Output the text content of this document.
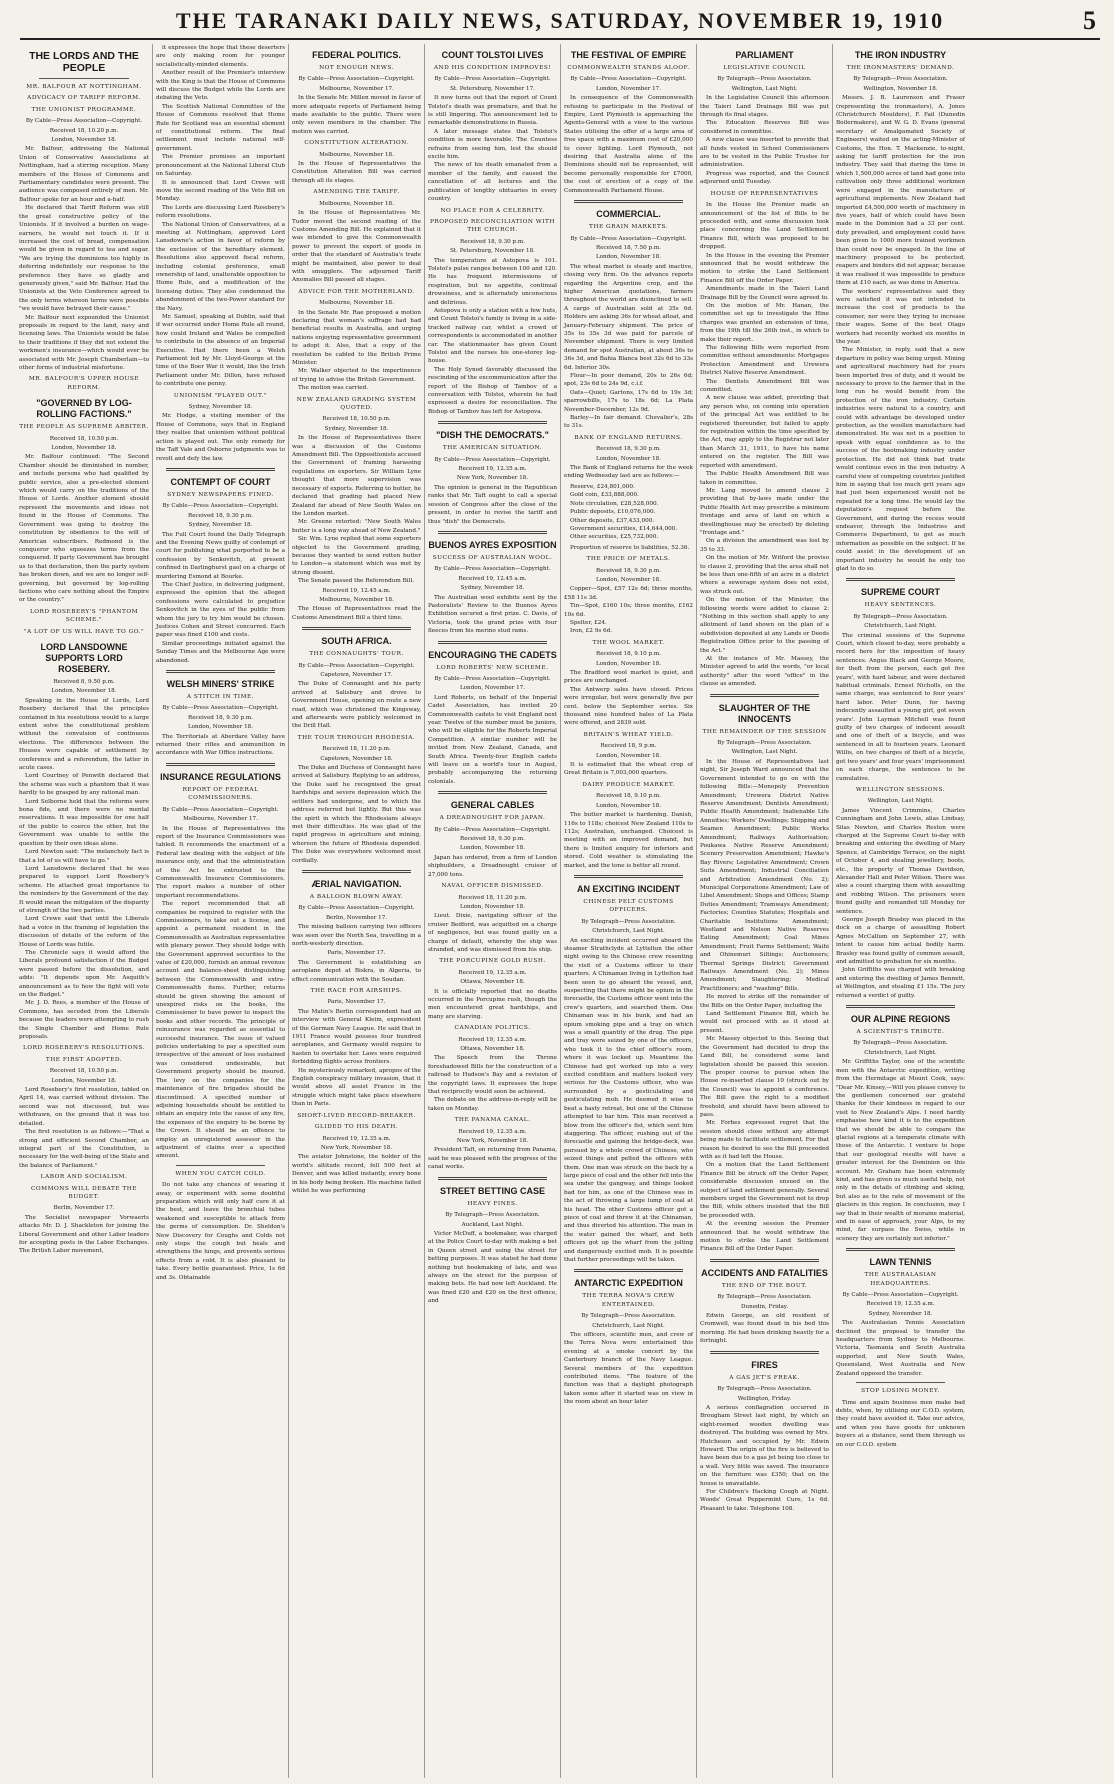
THE TARANAKI DAILY NEWS, SATURDAY, NOVEMBER 19, 1910	5
THE LORDS AND THE PEOPLE
MR. BALFOUR AT NOTTINGHAM.
ADVOCACY OF TARIFF REFORM.
THE UNIONIST PROGRAMME.
By Cable—Press Association—Copyright.
Received 18, 10.20 p.m.
London, November 18.

Mr. Balfour, addressing the National Union of Conservative Associations at Nottingham, had a stirring reception. Many members of the House of Commons and Parliamentary candidates were present. The audience was composed entirely of men. Mr. Balfour spoke for an hour and a-half.

He declared that Tariff Reform was still the great constructive policy of the Unionists. If it involved a burden on wage-earners, he would not touch it. If it increased the cost of bread, compensation would be given in regard to tea and sugar. "We are trying the dominions too highly in deferring indefinitely our response to the preference they have so gladly and generously given," said Mr. Balfour. Had the Unionists at the Veto Conference agreed to the only terms whereon terms were possible "we would have betrayed their cause."

Mr. Balfour next expounded the Unionist proposals in regard to the land, navy and licensing laws. The Unionists would be false to their traditions if they did not extend the workmen's insurance—which would ever be associated with Mr. Joseph Chamberlain—to other forms of industrial misfortune.

MR. BALFOUR'S UPPER HOUSE REFORM.
"GOVERNED BY LOG-ROLLING FACTIONS."
THE PEOPLE AS SUPREME ARBITER.
Received 18, 10.50 p.m.
London, November 18.

Mr. Balfour continued: "The Second Chamber should be diminished in number, and include persons who had qualified by public service, also a pre-elected element which would carry on the traditions of the House of Lords. Another element should represent the movements and ideas not found in the House of Commons. The Government was going to destroy the constitution by obedience to the will of American subscribers. Redmond is the conqueror who squeezes terms from the conquered. If party Government has brought us to that declaration, then the party system has broken down, and we are no longer self-governing, but governed by log-rolling factions who care nothing about the Empire or the country."

LORD ROSEBERY'S "PHANTOM SCHEME."
"A LOT OF US WILL HAVE TO GO."
LORD LANSDOWNE SUPPORTS LORD ROSEBERY.
Received 8, 9.50 p.m.
London, November 18.

Speaking in the House of Lords, Lord Rosebery declared that the principles contained in his resolutions would to a large extent solve the constitutional problem without the convulsion of continuous elections. The differences between the Houses were capable of settlement by conference and a referendum, the latter in acute cases.

Lord Courtney of Penwith declared that the scheme was such a phantom that it was hardly to be grasped by any rational man.

Lord Selborne held that the reforms were bona fide, and there were no mental reservations. It was impossible for one half of the public to coerce the other, but the Government was unable to settle the question by their own ideas alone.

Lord Newton said: "The melancholy fact is that a lot of us will have to go."

Lord Lansdowne declared that he was prepared to support Lord Rosebery's scheme. He attached great importance to the reminders by the Government of the day. It would mean the mitigation of the disparity of strength of the two parties.

Lord Crewe said that until the Liberals had a voice in the framing of legislation the discussion of details of the reform of the House of Lords was futile.

The Chronicle says it would afford the Liberals profound satisfaction if the Budget were passed before the dissolution, and adds: "It depends upon Mr. Asquith's announcement as to how the fight will vote on the Budget."

Mr. J. D. Rees, a member of the House of Commons, has seceded from the Liberals because the leaders were attempting to rush the Single Chamber and Home Rule proposals.

LORD ROSEBERY'S RESOLUTIONS.
THE FIRST ADOPTED.
Received 18, 10.50 p.m.
London, November 18.

Lord Rosebery's first resolution, tabled on April 14, was carried without division. The second was not discussed, but was withdrawn, on the ground that it was too detailed.

The first resolution is as follows:—"That a strong and efficient Second Chamber, an integral part of the Constitution, is necessary for the well-being of the State and the balance of Parliament."

LABOR AND SOCIALISM.
COMMONS WILL DEBATE THE BUDGET.
Berlin, November 17.

The Socialist newspaper Vorwaerts attacks Mr. D. J. Shackleton for joining the Liberal Government and other Labor leaders for accepting posts in the Labor Exchanges. The British Labor movement,

it expresses the hope that these deserters are only making room for younger socialistically-minded elements.

Another result of the Premier's interview with the King is that the House of Commons will discuss the Budget while the Lords are debating the Veto.

The Scottish National Committee of the House of Commons resolved that Home Rule for Scotland was an essential element of constitutional reform. The final settlement must include national self-government.

The Premier promises an important pronouncement at the National Liberal Club on Saturday.

It is announced that Lord Crewe will move the second reading of the Veto Bill on Monday.

The Lords are discussing Lord Rosebery's reform resolutions.

The National Union of Conservatives, at a meeting at Nottingham, approved Lord Lansdowne's action in favor of reform by the exclusion of the hereditary element. Resolutions also approved fiscal reform, including colonial preference, small ownership of land, unalterable opposition to Home Rule, and a modification of the licensing duties. They also condemned the abandonment of the two-Power standard for the Navy.

Mr. Samuel, speaking at Dublin, said that if war occurred under Home Rule all round, how could Ireland and Wales be compelled to contribute in the absence of an Imperial Executive. Had there been a Welsh Parliament led by Mr. Lloyd-George at the time of the Boer War it would, like the Irish Parliament under Mr. Dillon, have refused to contribute one penny.

UNIONISM "PLAYED OUT."
Sydney, November 18.

Mr. Hodge, a visiting member of the House of Commons, says that in England they realise that unionism without political action is played out. The only remedy for the Taff Vale and Osborne judgments was to revolt and defy the law.

CONTEMPT OF COURT
SYDNEY NEWSPAPERS FINED.
By Cable—Press Association—Copyright.
Received 18, 9.30 p.m.
Sydney, November 18.

The Full Court found the Daily Telegraph and the Evening News guilty of contempt of court for publishing what purported to be a confession by Senkovitch, at present confined in Darlinghurst gaol on a charge of murdering Esmond at Bourke.

The Chief Justice, in delivering judgment, expressed the opinion that the alleged confessions were calculated to prejudice Senkovitch in the eyes of the public from whom the jury to try him would be chosen. Justices Cohen and Street concurred. Each paper was fined £100 and costs.

Similar proceedings initiated against the Sunday Times and the Melbourne Age were abandoned.

WELSH MINERS' STRIKE
A STITCH IN TIME.
By Cable—Press Association—Copyright.
Received 18, 9.30 p.m.
London, November 18.

The Territorials at Aberdare Valley have returned their rifles and ammunition in accordance with War Office instructions.

INSURANCE REGULATIONS
REPORT OF FEDERAL COMMISSIONERS.
By Cable—Press Association—Copyright.
Melbourne, November 17.

In the House of Representatives the report of the Insurance Commissioners was tabled. It recommends the enactment of a Federal law dealing with the subject of life insurance only, and that the administration of the Act be entrusted to the Commonwealth Insurance Commissioners. The report makes a number of other important recommendations.

The report recommended that all companies be required to register with the Commissioners, to take out a license, and appoint a permanent resident in the Commonwealth as Australian representative with plenary power. They should lodge with the Government approved securities to the value of £20,000, furnish an annual revenue account and balance-sheet distinguishing between the Commonwealth and extra-Commonwealth items. Further, returns should be given showing the amount of unexpired risks on the books, the Commissioner to have power to inspect the books and other records. The principle of reinsurance was regarded as essential to successful insurance. The issue of valued policies undertaking to pay a specified sum irrespective of the amount of loss sustained was considered undesirable, but Government property should be insured. The levy on the companies for the maintenance of fire brigades should be discontinued. A specified number of adjoining households should be entitled to obtain an enquiry into the cause of any fire, the expenses of the enquiry to be borne by the Crown. It should be an offence to employ an unregistered assessor in the adjustment of claims over a specified amount.

WHEN YOU CATCH COLD.

Do not take any chances of wearing it away, or experiment with some doubtful preparation which will only half cure it at the best, and leave the bronchial tubes weakened and susceptible to attack from the germs of consumption. Dr. Sheldon's New Discovery for Coughs and Colds not only stops the cough but heals and strengthens the lungs, and prevents serious effects from a cold. It is also pleasant to take. Every bottle guaranteed. Price, 1s 6d and 3s. Obtainable

FEDERAL POLITICS.
NOT ENOUGH NEWS.
By Cable—Press Association—Copyright.
Melbourne, November 17.

In the Senate Mr. Millen moved in favor of more adequate reports of Parliament being made available to the public. There were only seven members in the chamber. The motion was carried.

CONSTITUTION ALTERATION.
Melbourne, November 18.

In the House of Representatives the Constitution Alteration Bill was carried through all its stages.

AMENDING THE TARIFF.
Melbourne, November 18.

In the House of Representatives Mr. Tudor moved the second reading of the Customs Amending Bill. He explained that it was intended to give the Commonwealth power to prevent the export of goods in order that the standard of Australia's trade might be maintained, also power to deal with smugglers. The adjourned Tariff Anomalies Bill passed all stages.

ADVICE FOR THE MOTHERLAND.
Melbourne, November 18.

In the Senate Mr. Rae proposed a motion declaring that woman's suffrage had had beneficial results in Australia, and urging nations enjoying representative government to adopt it. Also, that a copy of the resolution be cabled to the British Prime Minister.

Mr. Walker objected to the impertinence of trying to advise the British Government.

The motion was carried.

NEW ZEALAND GRADING SYSTEM QUOTED.
Received 18, 10.50 p.m.
Sydney, November 18.

In the House of Representatives there was a discussion of the Customs Amendment Bill. The Oppositionists accused the Government of framing harassing regulations on exporters. Sir William Lyne thought that more supervision was necessary of exports. Referring to butter, he declared that grading had placed New Zealand far ahead of New South Wales on the London market.

Mr. Greene retorted: "New South Wales butter is a long way ahead of New Zealand."

Sir. Wm. Lyne replied that some exporters objected to the Government grading, because they wanted to send rotten butter to London—a statement which was met by strong dissent.

The Senate passed the Referendum Bill.

Received 19, 12.45 a.m.
Melbourne, November 18.

The House of Representatives read the Customs Amendment Bill a third time.

SOUTH AFRICA.
THE CONNAUGHTS' TOUR.
By Cable—Press Association—Copyright.
Capetown, November 17.

The Duke of Connaught and his party arrived at Salisbury and drove to Government House, opening en route a new road, which was christened the Kingsway, and afterwards were publicly welcomed in the Drill Hall.

THE TOUR THROUGH RHODESIA.
Received 18, 11.20 p.m.
Capetown, November 18.

The Duke and Duchess of Connaught have arrived at Salisbury. Replying to an address, the Duke said he recognised the great hardships and severe depression which the settlers had undergone, and to which the address referred but lightly. But this was the spirit in which the Rhodesians always met their difficulties. He was glad of the rapid progress in agriculture and mining, whereon the future of Rhodesia depended. The Duke was everywhere welcomed most cordially.

ÆRIAL NAVIGATION.
A BALLOON BLOWN AWAY.
By Cable—Press Association—Copyright.
Berlin, November 17.

The missing balloon carrying two officers was seen over the North Sea, travelling in a north-westerly direction.

Paris, November 17.

The Government is establishing an aeroplane depot at Biskra, in Algeria, to effect communication with the Soudan.

THE RACE FOR AIRSHIPS.
Paris, November 17.

The Matin's Berlin correspondent had an interview with General Kleim, expresident of the German Navy League. He said that in 1911 France would possess four hundred aeroplanes, and Germany would require to hasten to overtake her. Laws were required forbidding flights across frontiers.

He mysteriously remarked, apropos of the English conspiracy military invasion, that it would above all assist France in the struggle which might take place elsewhere than in Paris.

SHORT-LIVED RECORD-BREAKER.
GLIDED TO HIS DEATH.
Received 19, 12.35 a.m.
New York, November 18.

The aviator Johnstone, the holder of the world's altitude record, fell 500 feet at Denver, and was killed instantly, every bone in his body being broken. His machine failed whilst he was performing

COUNT TOLSTOI LIVES
AND HIS CONDITION IMPROVES!
By Cable—Press Association—Copyright.
St. Petersburg, November 17.

It now turns out that the report of Count Tolstoi's death was premature, and that he is still lingering. The announcement led to remarkable demonstrations in Russia.

A later message states that Tolstoi's condition is more favorable. The Countess refrains from seeing him, lest the should excite him.

The news of his death emanated from a member of the family, and caused the cancellation of all lectures and the publication of lengthy obituaries in every country.

NO PLACE FOR A CELEBRITY.
PROPOSED RECONCILIATION WITH THE CHURCH.
Received 18, 9.30 p.m.
St. Petersburg, November 18.

The temperature at Astopova is 101. Tolstoi's pulse ranges between 100 and 120. He has frequent intermissions of respiration, but no appetite, continual drowsiness, and is alternately unconscious and delirious.

Astopova is only a station with a few huts, and Count Tolstoi's family is living in a side-tracked railway car, whilst a crowd of correspondents is accommodated in another car. The stationmaster has given Count Tolstoi and the nurses his one-storey log-house.

The Holy Synod favorably discussed the rescinding of the excommunication after the report of the Bishop of Tambov of a conversation with Tolstoi, wherein he had expressed a desire for reconciliation. The Bishop of Tambov has left for Astopova.

"DISH THE DEMOCRATS."
THE AMERICAN SITUATION.
By Cable—Press Association—Copyright.
Received 19, 12.35 a.m.
New York, November 18.

The opinion is general in the Republican ranks that Mr. Taft ought to call a special session of Congress after the close of the present, in order to revise the tariff and thus "dish" the Democrats.

BUENOS AYRES EXPOSITION
SUCCESS OF AUSTRALIAN WOOL.
By Cable—Press Association—Copyright.
Received 19, 12.45 a.m.
Sydney, November 18.

The Australian wool exhibits sent by the Pastoralists' Review to the Buenos Ayres Exhibition secured a first prize. C. Davis, of Victoria, took the grand prize with four fleeces from his merino stud rams.

ENCOURAGING THE CADETS
LORD ROBERTS' NEW SCHEME.
By Cable—Press Association—Copyright.
London, November 17.

Lord Roberts, on behalf of the Imperial Cadet Association, has invited 20 Commonwealth cadets to visit England next year. Twelve of the number must be juniors, who will be eligible for the Roberts Imperial Competition. A similar number will be invited from New Zealand, Canada, and South Africa. Twenty-four English cadets will leave on a world's tour in August, probably accompanying the returning colonials.

GENERAL CABLES
A DREADNOUGHT FOR JAPAN.
By Cable—Press Association—Copyright.
Received 18, 9.30 p.m.
London, November 18.

Japan has ordered, from a firm of London shipbuilders, a Dreadnought cruiser of 27,000 tons.

NAVAL OFFICER DISMISSED.
Received 18, 11.20 p.m.
London, November 18.

Lieut. Dixie, navigating officer of the cruiser Bedford, was acquitted on a charge of negligence, but was found guilty on a charge of default, whereby the ship was stranded, and was dismissed from his ship.

THE PORCUPINE GOLD RUSH.
Received 19, 12.35 a.m.
Ottawa, November 18.

It is officially reported that no deaths occurred in the Porcupine rush, though the men encountered great hardships, and many are starving.

CANADIAN POLITICS.
Received 19, 12.35 a.m.
Ottawa, November 18.

The Speech from the Throne foreshadowed Bills for the construction of a railroad to Hudson's Bay and a revision of the copyright laws. It expresses the hope that reciprocity would soon be achieved.

The debate on the address-in-reply will be taken on Monday.

THE PANAMA CANAL.
Received 19, 12.35 a.m.
New York, November 18.

President Taft, on returning from Panama, said he was pleased with the progress of the canal works.

STREET BETTING CASE
HEAVY FINES.
By Telegraph—Press Association.
Auckland, Last Night.

Victor McDuff, a bookmaker, was charged at the Police Court to-day with making a bet in Queen street and using the street for betting purposes. It was stated he had done nothing but bookmaking of late, and was always on the street for the purpose of making bets. He had now left Auckland. He was fined £20 and £20 on the first offence, and

THE FESTIVAL OF EMPIRE
COMMONWEALTH STANDS ALOOF.
By Cable—Press Association—Copyright.
London, November 17.

In consequence of the Commonwealth refusing to participate in the Festival of Empire, Lord Plymouth is approaching the Agents-General with a view to the various States utilising the offer of a large area of free space with a maximum cost of £20,000 to cover lighting. Lord Plymouth, not desiring that Australia alone of the Dominions should not be represented, will become personally responsible for £7000, the cost of erection of a copy of the Commonwealth Parliament House.

COMMERCIAL.
THE GRAIN MARKETS.
By Cable—Press Association—Copyright.
Received 18, 7.50 p.m.
London, November 18.

The wheat market is steady and inactive, closing very firm. On the advance reports regarding the Argentine crop, and the higher American quotations, farmers throughout the world are disinclined to sell. A cargo of Australian sold at 35s 6d. Holders are asking 36s for wheat afloat, and January-February shipment. The price of 35s to 35s 3d was paid for parcels of November shipment. There is very limited demand for spot Australian, at about 36s to 36s 3d, and Bahia Blanca best 32s 6d to 33s 6d. Inferior 30s.

Flour—In poor demand, 20s to 26s 6d; spot, 23s 6d to 24s 9d, c.i.f.

Oats—Quiet; Gartons, 17s 6d to 19s 3d; sparrowbills, 17s to 18s 6d; La Plata November-December, 12s 9d.

Barley—In fair demand. Chevalier's, 28s to 31s.

BANK OF ENGLAND RETURNS.
Received 18, 9.30 p.m.
London, November 18.

The Bank of England returns for the week ending Wednesday last are as follows:—

Reserve, £24,801,000.
Gold coin, £33,888,000.
Note circulation, £28,528,000.
Public deposits, £10,076,000.
Other deposits, £37,433,000.
Government securities, £14,644,000.
Other securities, £25,732,000.

Proportion of reserve to liabilities, 52.36.

THE PRICE OF METALS.
Received 18, 9.30 p.m.
London, November 18.

Copper—Spot, £57 12s 6d; three months, £58 11s 3d.

Tin—Spot, £160 10s; three months, £162 10s 6d.

Spelter, £24.

Iron, £2 9s 6d.

THE WOOL MARKET.
Received 18, 9.10 p.m.
London, November 18.

The Bradford wool market is quiet, and prices are unchanged.

The Antwerp sales have closed. Prices were irregular, but were generally five per cent. below the September series. Six thousand nine hundred bales of La Plata were offered, and 2839 sold.

BRITAIN'S WHEAT YIELD.
Received 18, 9 p.m.
London, November 18.

It is estimated that the wheat crop of Great Britain is 7,003,000 quarters.

DAIRY PRODUCE MARKET.
Received 18, 9.10 p.m.
London, November 18.

The butter market is hardening. Danish, 116s to 118s; choicest New Zealand 110s to 112s; Australian, unchanged. Choicest is meeting with an improved demand, but there is limited enquiry for inferiors and stored. Cold weather is stimulating the market, and the tone is better all round.

AN EXCITING INCIDENT
CHINESE PELT CUSTOMS OFFICERS.
By Telegraph—Press Association.
Christchurch, Last Night.

An exciting incident occurred aboard the steamer Strathclyde at Lyttelton the other night owing to the Chinese crew resenting the visit of a Customs officer to their quarters. A Chinaman living in Lyttelton had been seen to go aboard the vessel, and, suspecting that there might be opium in the forecastle, the Customs officer went into the crew's quarters, and searched them. One Chinaman was in his bunk, and had an opium smoking pipe and a tray on which was a small quantity of the drug. The pipe and tray were seized by one of the officers, who took it to the chief officer's room, where it was locked up. Meantime the Chinese had got worked up into a very excited condition and matters looked very serious for the Customs officer, who was surrounded by a gesticulating and gesticulating mob. He deemed it wise to beat a hasty retreat, but one of the Chinese attempted to bar him. This man received a blow from the officer's fist, which sent him staggering. The officer, rushing out of the forecastle and gaining the bridge-deck, was pursued by a whole crowd of Chinese, who seized things and pelted the officers with them. One man was struck on the back by a large piece of coal and the other fell into the sea under the gangway, and things looked bad for him, as one of the Chinese was in the act of throwing a large lump of coal at his head. The other Customs officer got a piece of coal and threw it at the Chinaman, and thus diverted his attention. The man in the water gained the wharf, and both officers got up the wharf from the jolting and dangerously excited mob. It is possible that further proceedings will be taken.

ANTARCTIC EXPEDITION
THE TERRA NOVA'S CREW ENTERTAINED.
By Telegraph—Press Association.
Christchurch, Last Night.

The officers, scientific men, and crew of the Terra Nova were entertained this evening at a smoke concert by the Canterbury branch of the Navy League. Several members of the expedition contributed items. "The feature of the function was that a daylight photograph taken some after it started was on view in the room about an hour later

PARLIAMENT
LEGISLATIVE COUNCIL
By Telegraph—Press Association.
Wellington, Last Night.

In the Legislative Council this afternoon the Taieri Land Drainage Bill was put through its final stages.

The Education Reserves Bill was considered in committee.

A new clause was inserted to provide that all funds vested in School Commissioners are to be vested in the Public Trustee for administration.

Progress was reported, and the Council adjourned until Tuesday.

HOUSE OF REPRESENTATIVES

In the House the Premier made an announcement of the list of Bills to be proceeded with, and some discussion took place concerning the Land Settlement Finance Bill, which was proposed to be dropped.

In the House in the evening the Premier announced that he would withdraw the motion to strike the Land Settlement Finance Bill off the Order Paper.

Amendments made in the Taieri Land Drainage Bill by the Council were agreed to.

On the motion of Mr. Hanan, the committee set up to investigate the Hine charges was granted an extension of time, from the 19th till the 26th inst., in which to make their report.

The following Bills were reported from committee without amendments: Mortgages Protection Amendment and Urewera District Native Reserve Amendment.

The Dentists Amendment Bill was committed.

A new clause was added, providing that any person who, on coming into operation of the principal Act was entitled to be registered thereunder, but failed to apply for registration within the time specified by the Act, may apply to the Registrar not later than March 31, 1911, to have his name entered on the register. The Bill was reported with amendment.

The Public Health Amendment Bill was taken in committee.

Mr. Lang moved to amend clause 2 providing that by-laws made under the Public Health Act may prescribe a minimum frontage and area of land on which a dwellinghouse may be erected) by deleting "frontage and."

On a division the amendment was lost by 35 to 33.

On the motion of Mr. Witford the proviso to clause 2, providing that the area shall not be less than one-fifth of an acre in a district where a sewerage system does not exist, was struck out.

On the motion of the Minister, the following words were added to clause 2: "Nothing in this section shall apply to any allotment of land shown on the plan of a subdivision deposited at any Lands or Deeds Registration Office prior to the passing of the Act."

At the instance of Mr. Massey, the Minister agreed to add the words, "or local authority" after the word "office" in the clause as amended.

SLAUGHTER OF THE INNOCENTS
THE REMAINDER OF THE SESSION
By Telegraph—Press Association.
Wellington, Last Night.

In the House of Representatives last night, Sir Joseph Ward announced that the Government intended to go on with the following Bills:—Monopoly Prevention Amendment; Urewera District Native Reserve Amendment; Dentists Amendment; Public Health Amendment; Inalienable Life Annuities; Workers' Dwellings; Shipping and Seamen Amendment; Public Works Amendment; Railways Authorisation; Poukawa Native Reserve Amendment; Scenery Preservation Amendment; Hawke's Bay Rivers; Legislative Amendment; Crown Suits Amendment; Industrial Conciliation and Arbitration Amendment (No. 2); Municipal Corporations Amendment; Law of Libel Amendment; Shops and Offices; Stamp Duties Amendment; Tramways Amendment; Factories; Counties Statutes; Hospitals and Charitable Institutions Amendment; Westland and Nelson Native Reserves Eating Amendment; Coal Mines Amendment; Fruit Farms Settlement; Waihi and Ohinemuri Siltings; Auctioneers; Thermal Springs District; Government Railways Amendment (No. 2); Mines Amendment; Slaughtering; Medical Practitioners; and "washing" Bills.

He moved to strike off the remainder of the Bills on the Order Paper, including the

Land Settlement Finance Bill, which he would not proceed with as it stood at present.

Mr. Massey objected to this. Seeing that the Government had decided to drop the Land Bill, he considered some land legislation should be passed this session. The proper course to pursue when the House re-inserted clause 10 (struck out by the Council) was to appoint a conference. The Bill gave the right to a modified freehold, and should have been allowed to pass.

Mr. Forbes expressed regret that the session should close without any attempt being made to facilitate settlement. For that reason he desired to see the Bill proceeded with as it had left the House.

On a motion that the Land Settlement Finance Bill be struck off the Order Paper, considerable discussion ensued on the subject of land settlement generally. Several members urged the Government not to drop the Bill, while others insisted that the Bill be proceeded with.

At the evening session the Premier announced that he would withdraw the motion to strike the Land Settlement Finance Bill off the Order Paper.

ACCIDENTS AND FATALITIES
THE END OF THE BOUT.
By Telegraph—Press Association.
Dunedin, Friday.

Edwin George, an old resident of Cromwell, was found dead in his bed this morning. He had been drinking heavily for a fortnight.

FIRES
A GAS JET'S FREAK.
By Telegraph—Press Association.
Wellington, Friday.

A serious conflagration occurred in Brougham Street last night, by which an eight-roomed wooden dwelling was destroyed. The building was owned by Mrs. Hutcheson and occupied by Mr. Edwin Howard. The origin of the fire is believed to have been due to a gas jet being too close to a wall. Very little was saved. The insurance on the furniture was £350; that on the house is unavailable.

For Children's Hacking Cough at Night. Woods' Great Peppermint Cure, 1s 6d. Pleasant to take. Telephone 108.

THE IRON INDUSTRY
THE IRONMASTERS' DEMAND.
By Telegraph—Press Association.
Wellington, November 18.

Messrs. J. B. Laurenson and Fraser (representing the ironmasters), A. Jones (Christchurch Moulders), F. Fail (Dunedin Boilermakers), and W. G. D. Evans (general secretary of Amalgamated Society of Engineers) waited on the acting-Minister of Customs, the Hon. T. Mackenzie, to-night, asking for tariff protection for the iron industry. They said that during the time in which 1,500,000 acres of land had gone into cultivation only three additional workmen were engaged in the manufacture of agricultural implements. New Zealand had imported £4,500,000 worth of machinery in five years, half of which could have been made in the Dominion had a 33 per cent. duty prevailed, and employment could have been given to 1000 more trained workmen than could now be engaged. In the line of machinery proposed to be protected, reapers and binders did not appear, because it was realised it was impossible to produce them at £10 each, as was done in America.

The workers' representatives said they were satisfied it was not intended to increase the cost of products to the consumer, nor were they trying to increase their wages. Some of the best Otago workers had recently worked six months in the year.

The Minister, in reply, said that a new departure in policy was being urged. Mining and agricultural machinery had for years been imported free of duty, and it would be necessary to prove to the farmer that in the long run he would benefit from the protection of the iron industry. Certain industries were natural to a country, and could with advantage be developed under protection, as the woollen manufacture had demonstrated. He was not in a position to speak with equal confidence as to the success of the bootmaking industry under protection. He did not think bad trade would continue even in the iron industry. A careful view of competing countries justified him in saying that too much grit years ago had just been experienced would not be repeated for a long time. He would lay the deputation's request before the Government, and during the recess would endeavor, through the Industries and Commerce Department, to get as much information as possible on the subject. If he could assist in the development of an important industry he would be only too glad to do so.

SUPREME COURT
HEAVY SENTENCES.
By Telegraph—Press Association.
Christchurch, Last Night.

The criminal sessions of the Supreme Court, which closed to-day, were probably a record here for the imposition of heavy sentences. Angus Black and George Moore, for theft from the person, each got five years', with hard labour, and were declared habitual criminals. Ernest Nicholls, on the same charge, was sentenced to four years' hard labor. Peter Dunn, for having indecently assaulted a young girl, got seven years'. John Layman Mitchell was found guilty of two charges of indecent assault and one of theft of a bicycle, and was sentenced in all to fourteen years. Leonard Willis, on two charges of theft of a bicycle, got two years' and four years' imprisonment on each charge, the sentences to be cumulative.

WELLINGTON SESSIONS.
Wellington, Last Night.

James Vincent Crimmins, Charles Cunningham and John Lewis, alias Lindsay, Silas Newton, and Charles Reston were charged at the Supreme Court to-day with breaking and entering the dwelling of Mary Spence, at Cambridge Terrace, on the night of October 4, and stealing jewellery, boots, etc., the property of Thomas Davidson, Alexander Hall and Peter Wilson. There was also a count charging them with assaulting and robbing Wilson. The prisoners were found guilty and remanded till Monday for sentence.

George Joseph Brasley was placed in the dock on a charge of assaulting Robert Agnes McCallum on September 27, with intent to cause him actual bodily harm. Brasley was found guilty of common assault, and admitted to probation for six months.

John Griffiths was charged with breaking and entering the dwelling of James Bennett, at Wellington, and stealing £1 15s. The jury returned a verdict of guilty.

OUR ALPINE REGIONS
A SCIENTIST'S TRIBUTE.
By Telegraph—Press Association.
Christchurch, Last Night.

Mr. Griffiths Taylor, one of the scientific men with the Antarctic expedition, writing from the Hermitage at Mount Cook, says: "Dear Mr. Kinsey,—Will you please convey to the gentlemen concerned our grateful thanks for their kindness in regard to our visit to New Zealand's Alps. I need hardly emphasise how kind it is to the expedition that we should be able to compare the glacial regions at a temperate climate with those of the Antarctic. I venture to hope that our geological results will have a greater interest for the Dominion on this account. Mr. Graham has been extremely kind, and has given us much useful help, not only in the details of climbing and skiing, but also as to the rate of movement of the glaciers in this region. In conclusion, may I say that in their wealth of moraine material, and in ease of approach, your Alps, to my mind, far surpass the Swiss, while in scenery they are certainly not inferior."

LAWN TENNIS
THE AUSTRALASIAN HEADQUARTERS.
By Cable—Press Association—Copyright.
Received 19, 12.35 a.m.
Sydney, November 18.

The Australasian Tennis Association declined the proposal to transfer the headquarters from Sydney to Melbourne. Victoria, Tasmania and South Australia supported, and New South Wales, Queensland, West Australia and New Zealand opposed the transfer.

STOP LOSING MONEY.

Time and again business men make bad debts, when, by utilising our C.O.D. system, they could have avoided it. Take our advice, and when you have goods for unknown buyers at a distance, send them through us on our C.O.D. system
